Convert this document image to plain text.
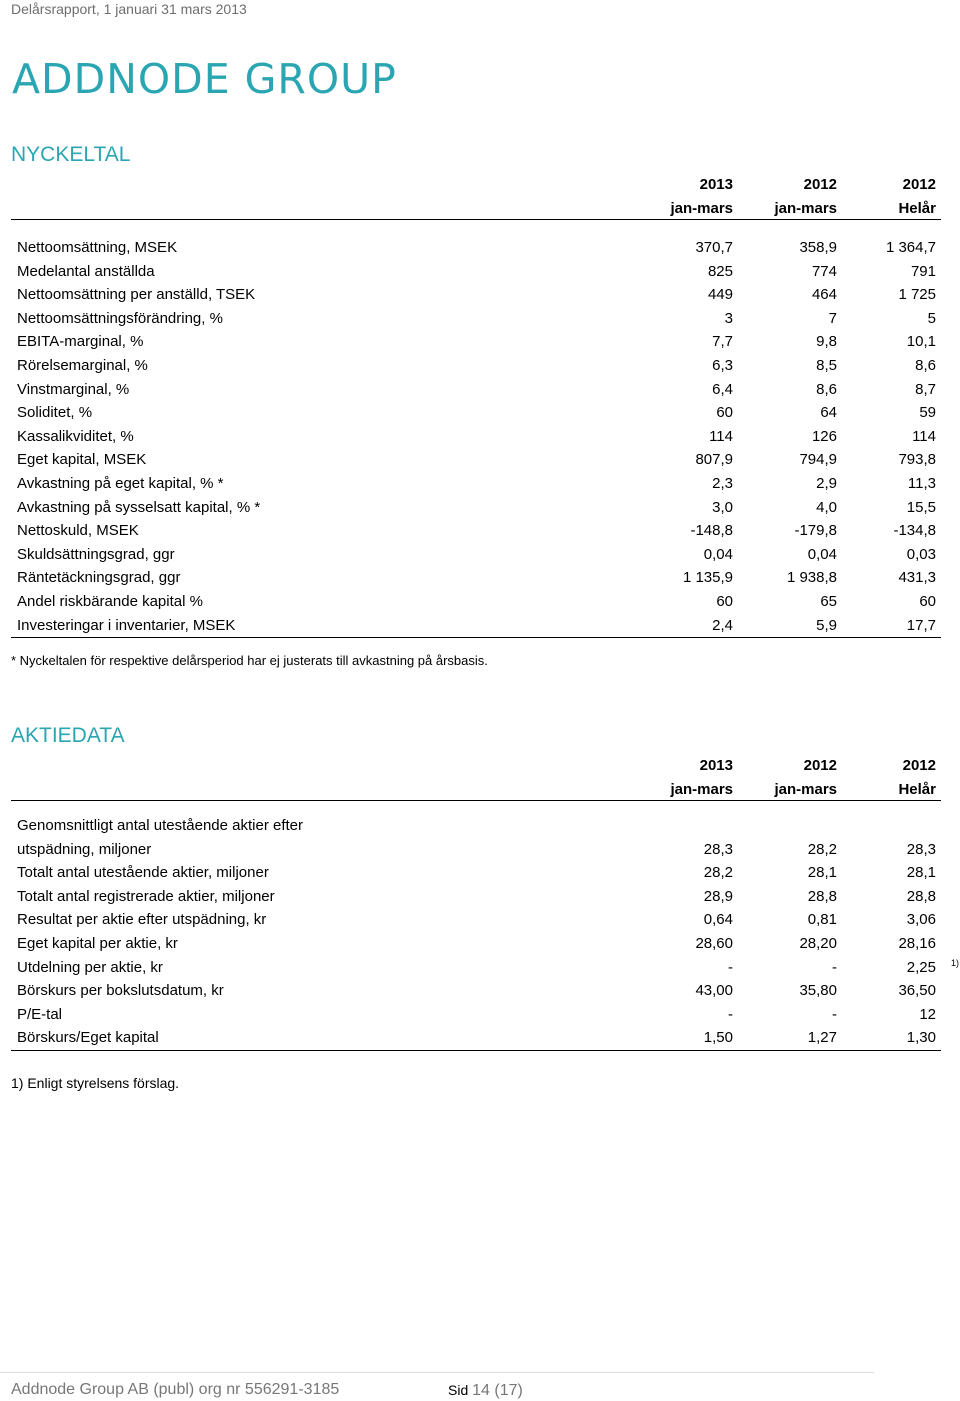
Delårsrapport, 1 januari 31 mars 2013
ADDNODE GROUP
NYCKELTAL
2013	2012	2012
jan-mars	jan-mars	Helår
Nettoomsättning, MSEK	370,7	358,9	1 364,7
Medelantal anställda	825	774	791
Nettoomsättning per anställd, TSEK	449	464	1 725
Nettoomsättningsförändring, %	3	7	5
EBITA-marginal, %	7,7	9,8	10,1
Rörelsemarginal, %	6,3	8,5	8,6
Vinstmarginal, %	6,4	8,6	8,7
Soliditet, %	60	64	59
Kassalikviditet, %	114	126	114
Eget kapital, MSEK	807,9	794,9	793,8
Avkastning på eget kapital, % *	2,3	2,9	11,3
Avkastning på sysselsatt kapital, % *	3,0	4,0	15,5
Nettoskuld, MSEK	-148,8	-179,8	-134,8
Skuldsättningsgrad, ggr	0,04	0,04	0,03
Räntetäckningsgrad, ggr	1 135,9	1 938,8	431,3
Andel riskbärande kapital %	60	65	60
Investeringar i inventarier, MSEK	2,4	5,9	17,7
* Nyckeltalen för respektive delårsperiod har ej justerats till avkastning på årsbasis.
AKTIEDATA
2013	2012	2012
jan-mars	jan-mars	Helår
Genomsnittligt antal utestående aktier efter
utspädning, miljoner	28,3	28,2	28,3
Totalt antal utestående aktier, miljoner	28,2	28,1	28,1
Totalt antal registrerade aktier, miljoner	28,9	28,8	28,8
Resultat per aktie efter utspädning, kr	0,64	0,81	3,06
Eget kapital per aktie, kr	28,60	28,20	28,16
Utdelning per aktie, kr	-	-	2,25 1)
Börskurs per bokslutsdatum, kr	43,00	35,80	36,50
P/E-tal	-	-	12
Börskurs/Eget kapital	1,50	1,27	1,30
1) Enligt styrelsens förslag.
Addnode Group AB (publ) org nr 556291-3185	Sid 14 (17)
